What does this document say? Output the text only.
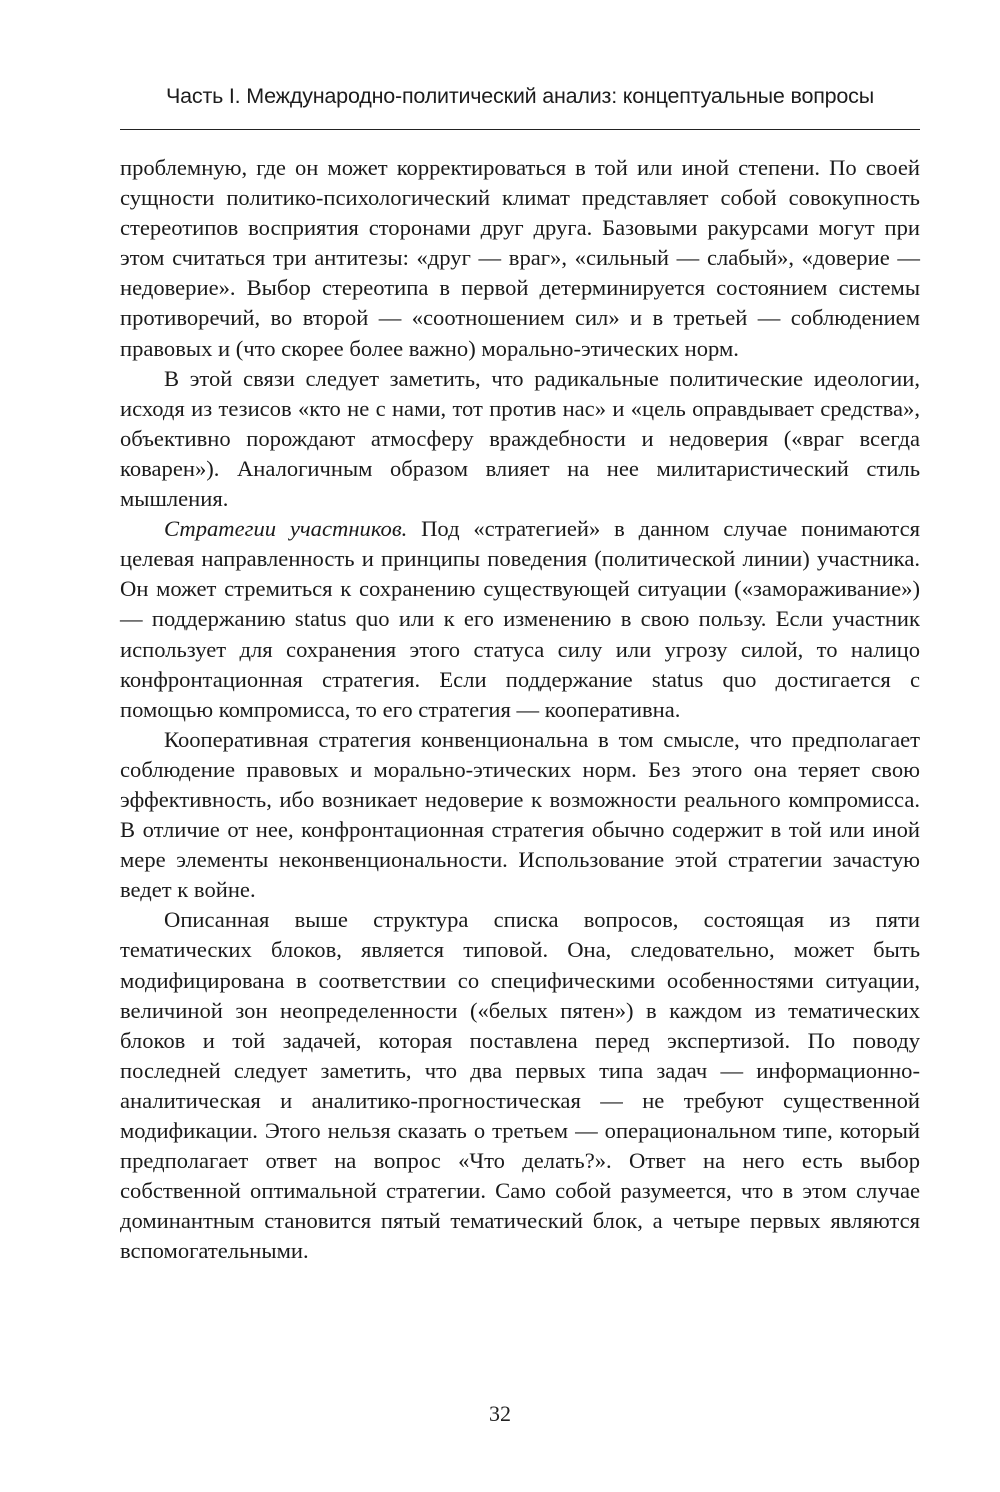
Часть I. Международно-политический анализ: концептуальные вопросы

проблемную, где он может корректироваться в той или иной степени. По своей сущности политико-психологический климат представляет собой совокупность стереотипов восприятия сторонами друг друга. Базовыми ракурсами могут при этом считаться три антитезы: «друг — враг», «сильный — слабый», «доверие — недоверие». Выбор стереотипа в первой детерминируется состоянием системы противоречий, во второй — «соотношением сил» и в третьей — соблюдением правовых и (что скорее более важно) морально-этических норм.

В этой связи следует заметить, что радикальные политические идеологии, исходя из тезисов «кто не с нами, тот против нас» и «цель оправдывает средства», объективно порождают атмосферу враждебности и недоверия («враг всегда коварен»). Аналогичным образом влияет на нее милитаристический стиль мышления.

Стратегии участников. Под «стратегией» в данном случае понимаются целевая направленность и принципы поведения (политической линии) участника. Он может стремиться к сохранению существующей ситуации («замораживание») — поддержанию status quo или к его изменению в свою пользу. Если участник использует для сохранения этого статуса силу или угрозу силой, то налицо конфронтационная стратегия. Если поддержание status quo достигается с помощью компромисса, то его стратегия — кооперативна.

Кооперативная стратегия конвенциональна в том смысле, что предполагает соблюдение правовых и морально-этических норм. Без этого она теряет свою эффективность, ибо возникает недоверие к возможности реального компромисса. В отличие от нее, конфронтационная стратегия обычно содержит в той или иной мере элементы неконвенциональности. Использование этой стратегии зачастую ведет к войне.

Описанная выше структура списка вопросов, состоящая из пяти тематических блоков, является типовой. Она, следовательно, может быть модифицирована в соответствии со специфическими особенностями ситуации, величиной зон неопределенности («белых пятен») в каждом из тематических блоков и той задачей, которая поставлена перед экспертизой. По поводу последней следует заметить, что два первых типа задач — информационно-аналитическая и аналитико-прогностическая — не требуют существенной модификации. Этого нельзя сказать о третьем — операциональном типе, который предполагает ответ на вопрос «Что делать?». Ответ на него есть выбор собственной оптимальной стратегии. Само собой разумеется, что в этом случае доминантным становится пятый тематический блок, а четыре первых являются вспомогательными.

32
